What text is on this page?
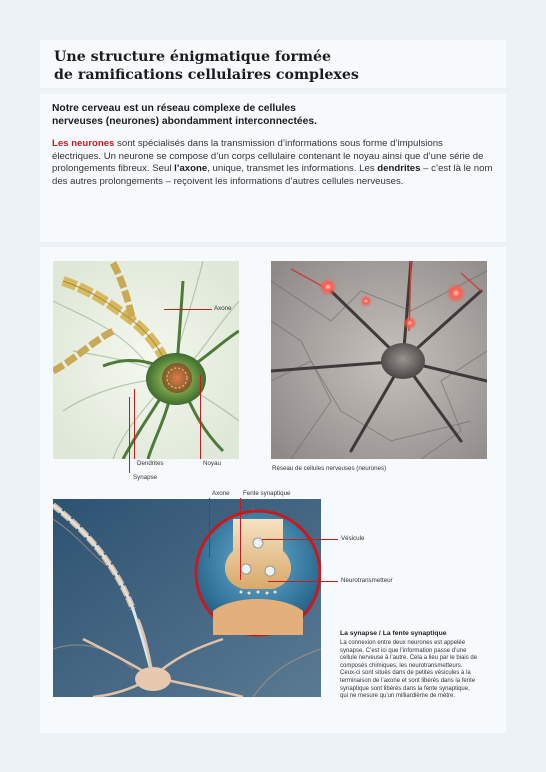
Une structure énigmatique formée
de ramifications cellulaires complexes

Notre cerveau est un réseau complexe de cellules
nerveuses (neurones) abondamment interconnectées.

Les neurones sont spécialisés dans la transmission d’informations sous forme d’impulsions électriques. Un neurone se compose d’un corps cellulaire contenant le noyau ainsi que d’une série de prolongements fibreux. Seul l’axone, unique, transmet les informations. Les dendrites – c’est là le nom des autres prolongements – reçoivent les informations d’autres cellules nerveuses.

Axone
Dendrites	Noyau
Synapse
Réseau de cellules nerveuses (neurones)
Axone Fente synaptique
Vésicule
Neurotransmetteur
La synapse / La fente synaptique
La connexion entre deux neurones est appelée
synapse. C’est ici que l’information passe d’une
cellule nerveuse à l’autre. Cela a lieu par le biais de
composés chimiques, les neurotransmetteurs.
Ceux-ci sont situés dans de petites vésicules à la
terminaison de l’axone et sont libérés dans la fente
synaptique sont libérés dans la fente synaptique,
qui ne mesure qu’un milliardième de mètre.
